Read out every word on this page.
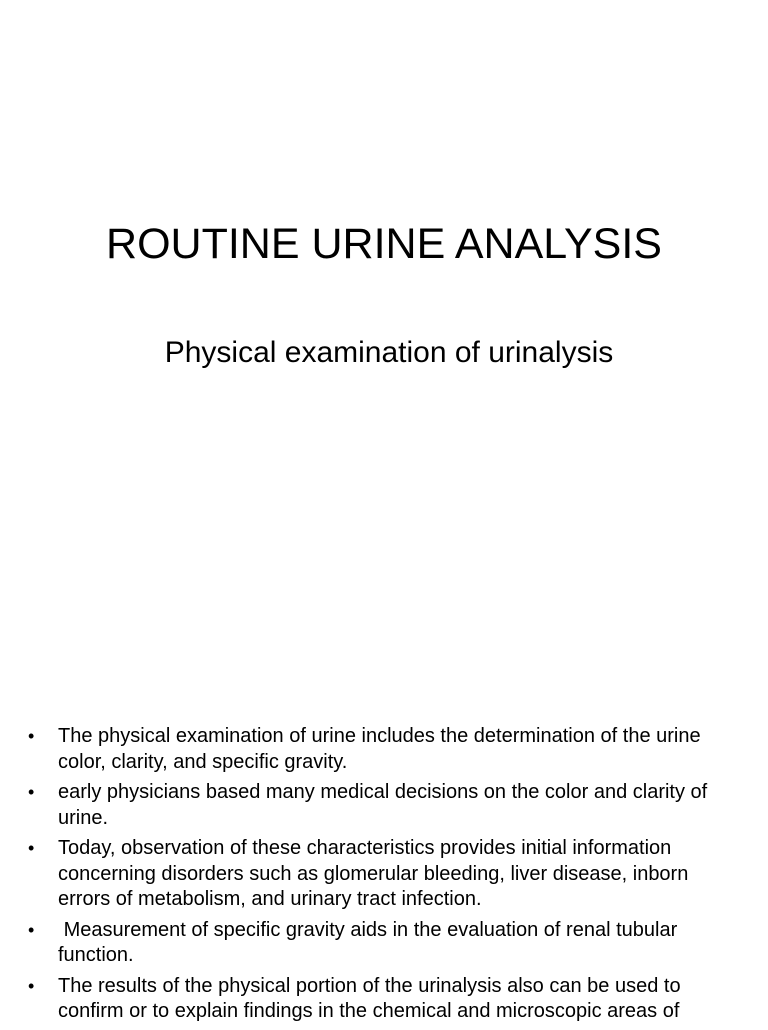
ROUTINE URINE ANALYSIS
Physical examination of urinalysis
• The physical examination of urine includes the determination of the urine color, clarity, and specific gravity.
• early physicians based many medical decisions on the color and clarity of urine.
• Today, observation of these characteristics provides initial information concerning disorders such as glomerular bleeding, liver disease, inborn errors of metabolism, and urinary tract infection.
• Measurement of specific gravity aids in the evaluation of renal tubular function.
• The results of the physical portion of the urinalysis also can be used to confirm or to explain findings in the chemical and microscopic areas of
